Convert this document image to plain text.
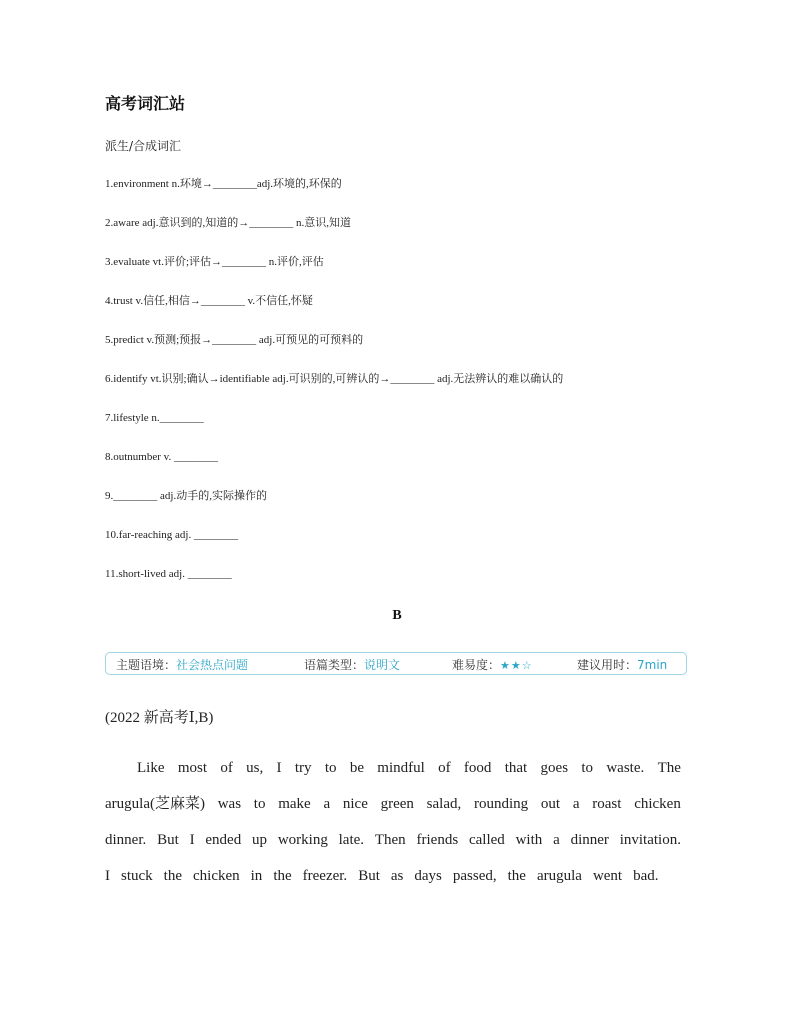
高考词汇站
派生/合成词汇
1.environment n.环境→________adj.环境的,环保的
2.aware adj.意识到的,知道的→________ n.意识,知道
3.evaluate vt.评价;评估→________ n.评价,评估
4.trust v.信任,相信→________ v.不信任,怀疑
5.predict v.预测;预报→________ adj.可预见的可预料的
6.identify vt.识别;确认→identifiable adj.可识别的,可辨认的→________ adj.无法辨认的难以确认的
7.lifestyle n.________
8.outnumber v. ________
9.________ adj.动手的,实际操作的
10.far-reaching adj. ________
11.short-lived adj. ________
B
主题语境：社会热点问题	语篇类型：说明文	难易度：★★☆	建议用时：7min
(2022 新高考Ⅰ,B)
Like most of us, I try to be mindful of food that goes to waste. The
arugula(芝麻菜) was to make a nice green salad, rounding out a roast chicken
dinner. But I ended up working late. Then friends called with a dinner invitation.
I stuck the chicken in the freezer. But as days passed, the arugula went bad.
